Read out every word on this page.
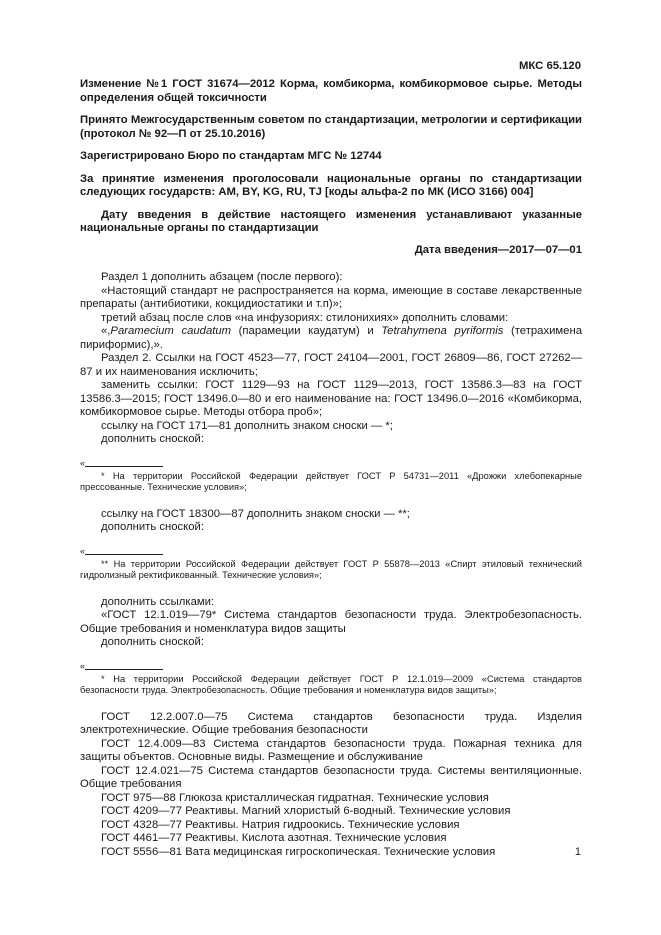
МКС 65.120

Изменение №1 ГОСТ 31674—2012 Корма, комбикорма, комбикормовое сырье. Методы определения общей токсичности

Принято Межгосударственным советом по стандартизации, метрологии и сертификации (протокол № 92—П от 25.10.2016)

Зарегистрировано Бюро по стандартам МГС № 12744

За принятие изменения проголосовали национальные органы по стандартизации следующих государств: AM, BY, KG, RU, TJ [коды альфа-2 по МК (ИСО 3166) 004]

Дату введения в действие настоящего изменения устанавливают указанные национальные органы по стандартизации

Дата введения—2017—07—01

Раздел 1 дополнить абзацем (после первого):

«Настоящий стандарт не распространяется на корма, имеющие в составе лекарственные препараты (антибиотики, кокцидиостатики и т.п)»;

третий абзац после слов «на инфузориях: стилонихиях» дополнить словами:

«,Paramecium caudatum (парамеции каудатум) и Tetrahymena pyriformis (тетрахимена пириформис),».

Раздел 2. Ссылки на ГОСТ 4523—77, ГОСТ 24104—2001, ГОСТ 26809—86, ГОСТ 27262—87 и их наименования исключить;

заменить ссылки: ГОСТ 1129—93 на ГОСТ 1129—2013, ГОСТ 13586.3—83 на ГОСТ 13586.3—2015; ГОСТ 13496.0—80 и его наименование на: ГОСТ 13496.0—2016 «Комбикорма, комбикормовое сырье. Методы отбора проб»;

ссылку на ГОСТ 171—81 дополнить знаком сноски — *;

дополнить сноской:

«

* На территории Российской Федерации действует ГОСТ Р 54731—2011 «Дрожжи хлебопекарные прессованные. Технические условия»;

ссылку на ГОСТ 18300—87 дополнить знаком сноски — **;

дополнить сноской:

«

** На территории Российской Федерации действует ГОСТ Р 55878—2013 «Спирт этиловый технический гидролизный ректификованный. Технические условия»;

дополнить ссылками:

«ГОСТ 12.1.019—79* Система стандартов безопасности труда. Электробезопасность. Общие требования и номенклатура видов защиты

дополнить сноской:

«

* На территории Российской Федерации действует ГОСТ Р 12.1.019—2009 «Система стандартов безопасности труда. Электробезопасность. Общие требования и номенклатура видов защиты»;

ГОСТ 12.2.007.0—75 Система стандартов безопасности труда. Изделия электротехнические. Общие требования безопасности

ГОСТ 12.4.009—83 Система стандартов безопасности труда. Пожарная техника для защиты объектов. Основные виды. Размещение и обслуживание

ГОСТ 12.4.021—75 Система стандартов безопасности труда. Системы вентиляционные. Общие требования

ГОСТ 975—88 Глюкоза кристаллическая гидратная. Технические условия

ГОСТ 4209—77 Реактивы. Магний хлористый 6-водный. Технические условия

ГОСТ 4328—77 Реактивы. Натрия гидроокись. Технические условия

ГОСТ 4461—77 Реактивы. Кислота азотная. Технические условия

ГОСТ 5556—81 Вата медицинская гигроскопическая. Технические условия	1
